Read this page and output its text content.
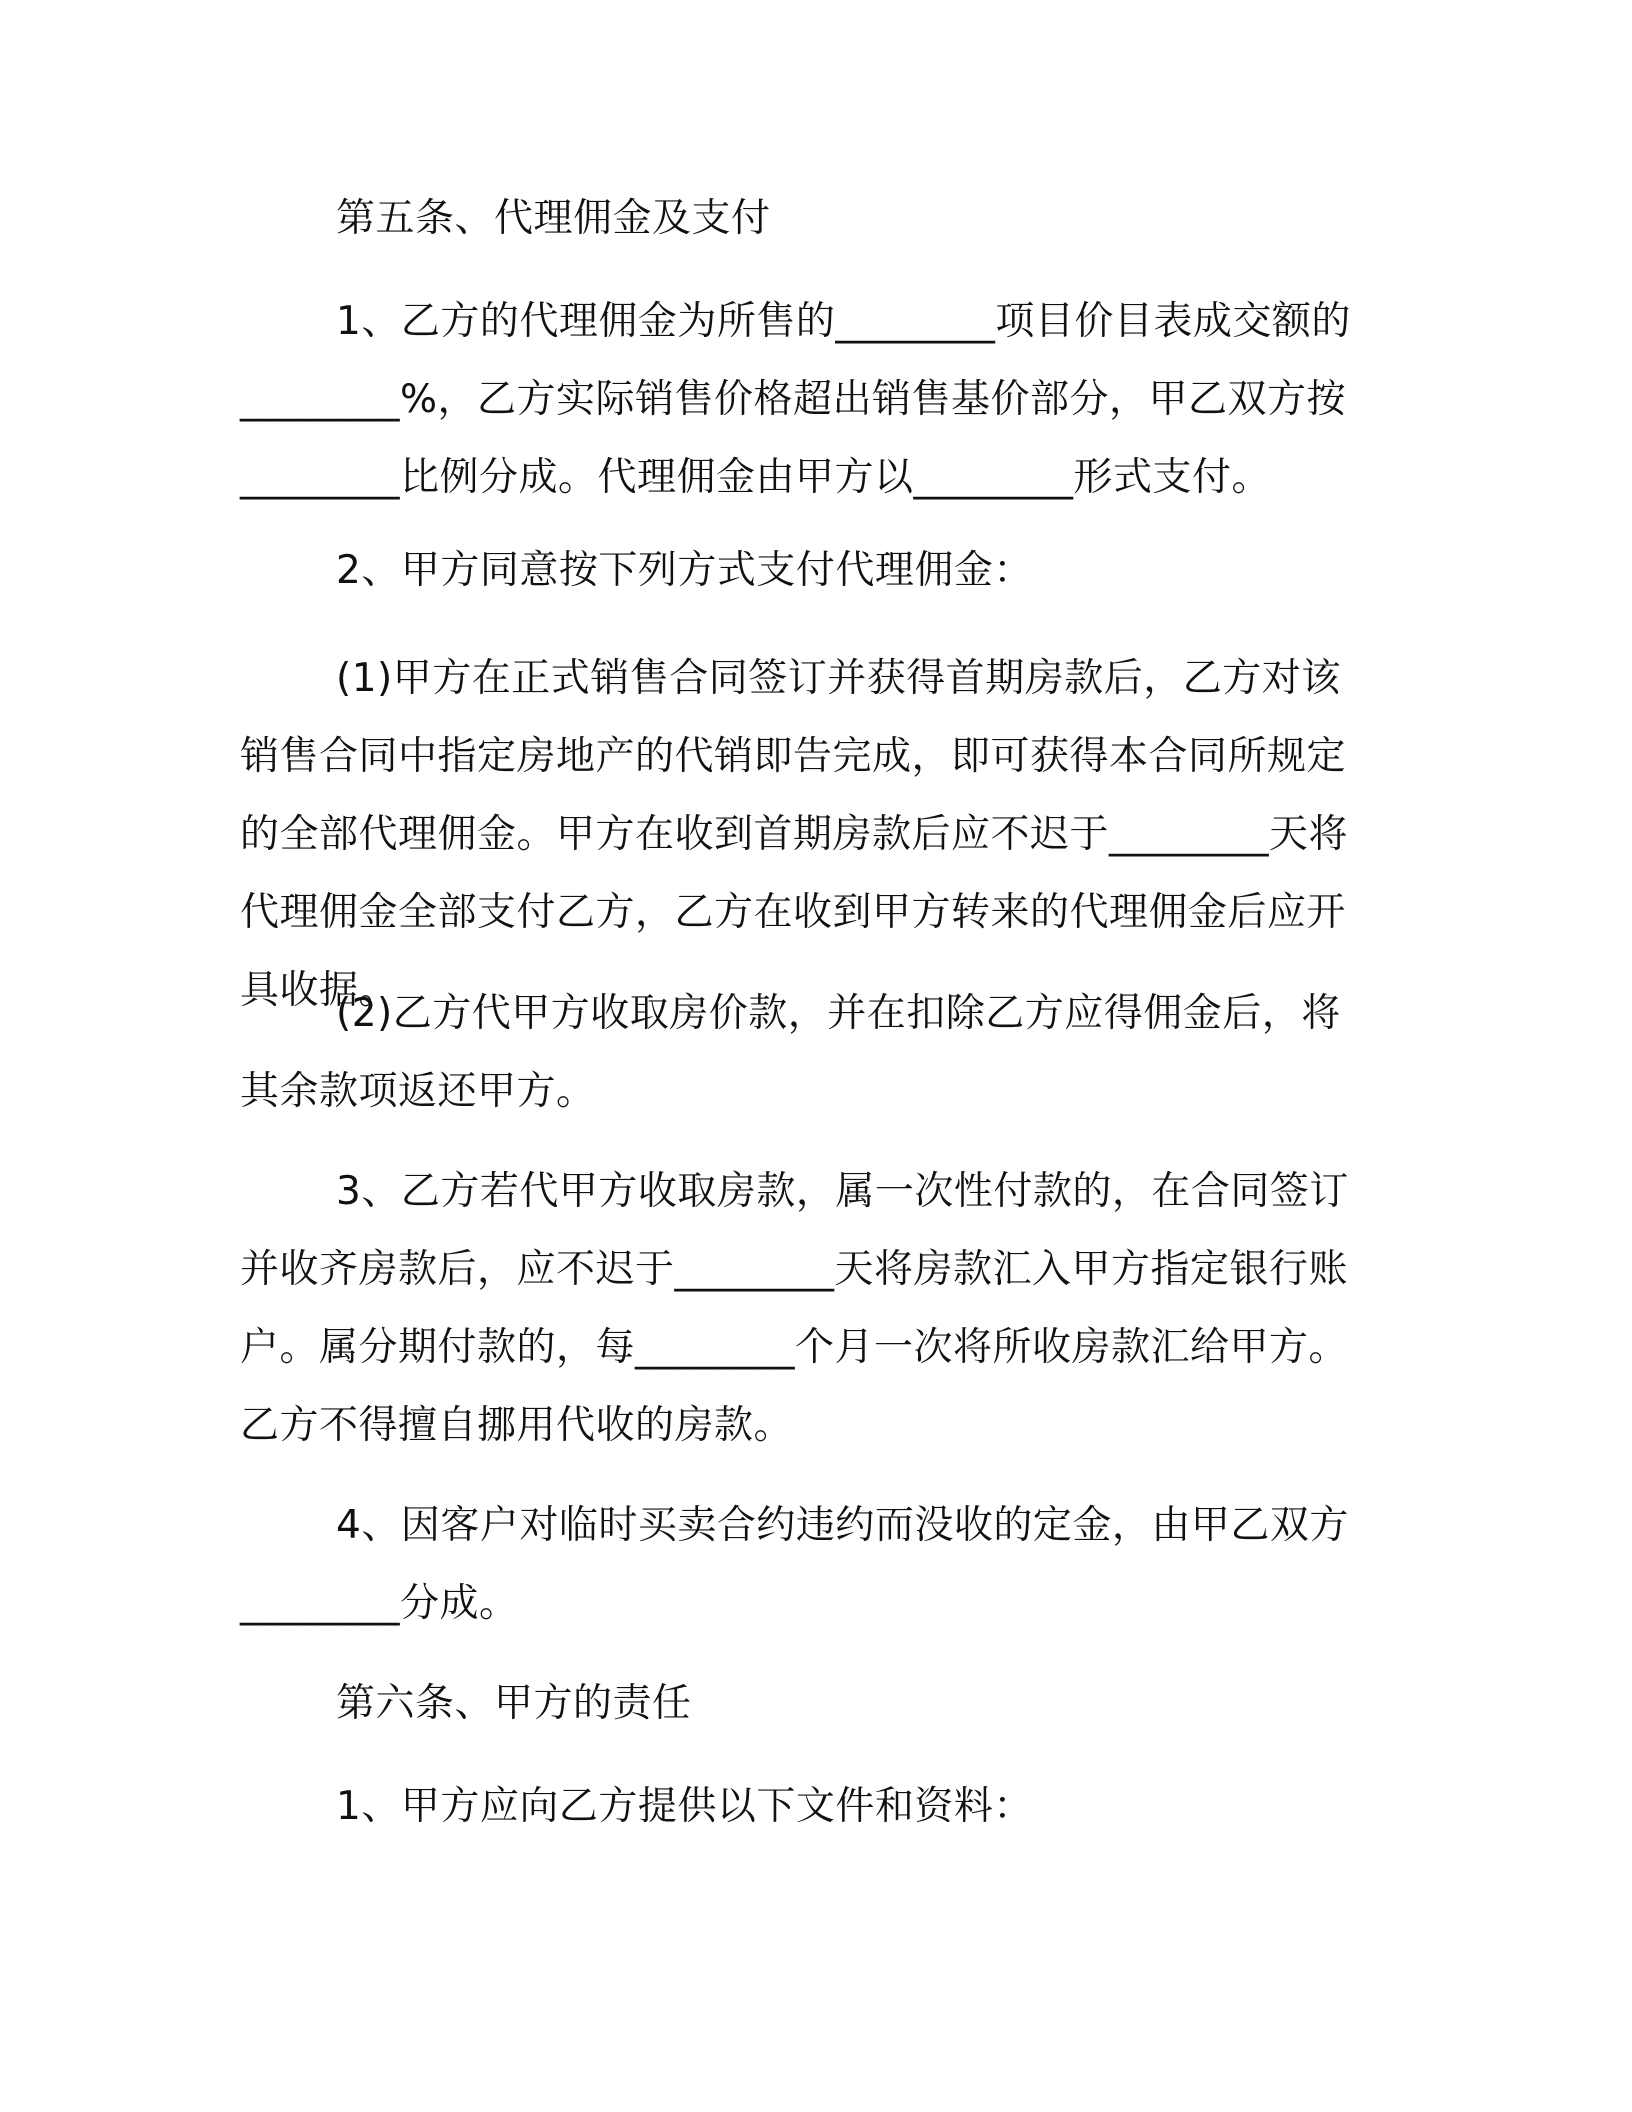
第五条、代理佣金及支付

1、乙方的代理佣金为所售的________项目价目表成交额的________%，乙方实际销售价格超出销售基价部分，甲乙双方按________比例分成。代理佣金由甲方以________形式支付。

2、甲方同意按下列方式支付代理佣金：

(1)甲方在正式销售合同签订并获得首期房款后，乙方对该销售合同中指定房地产的代销即告完成，即可获得本合同所规定的全部代理佣金。甲方在收到首期房款后应不迟于________天将代理佣金全部支付乙方，乙方在收到甲方转来的代理佣金后应开具收据。

(2)乙方代甲方收取房价款，并在扣除乙方应得佣金后，将其余款项返还甲方。

3、乙方若代甲方收取房款，属一次性付款的，在合同签订并收齐房款后，应不迟于________天将房款汇入甲方指定银行账户。属分期付款的，每________个月一次将所收房款汇给甲方。乙方不得擅自挪用代收的房款。

4、因客户对临时买卖合约违约而没收的定金，由甲乙双方________分成。

第六条、甲方的责任

1、甲方应向乙方提供以下文件和资料：
